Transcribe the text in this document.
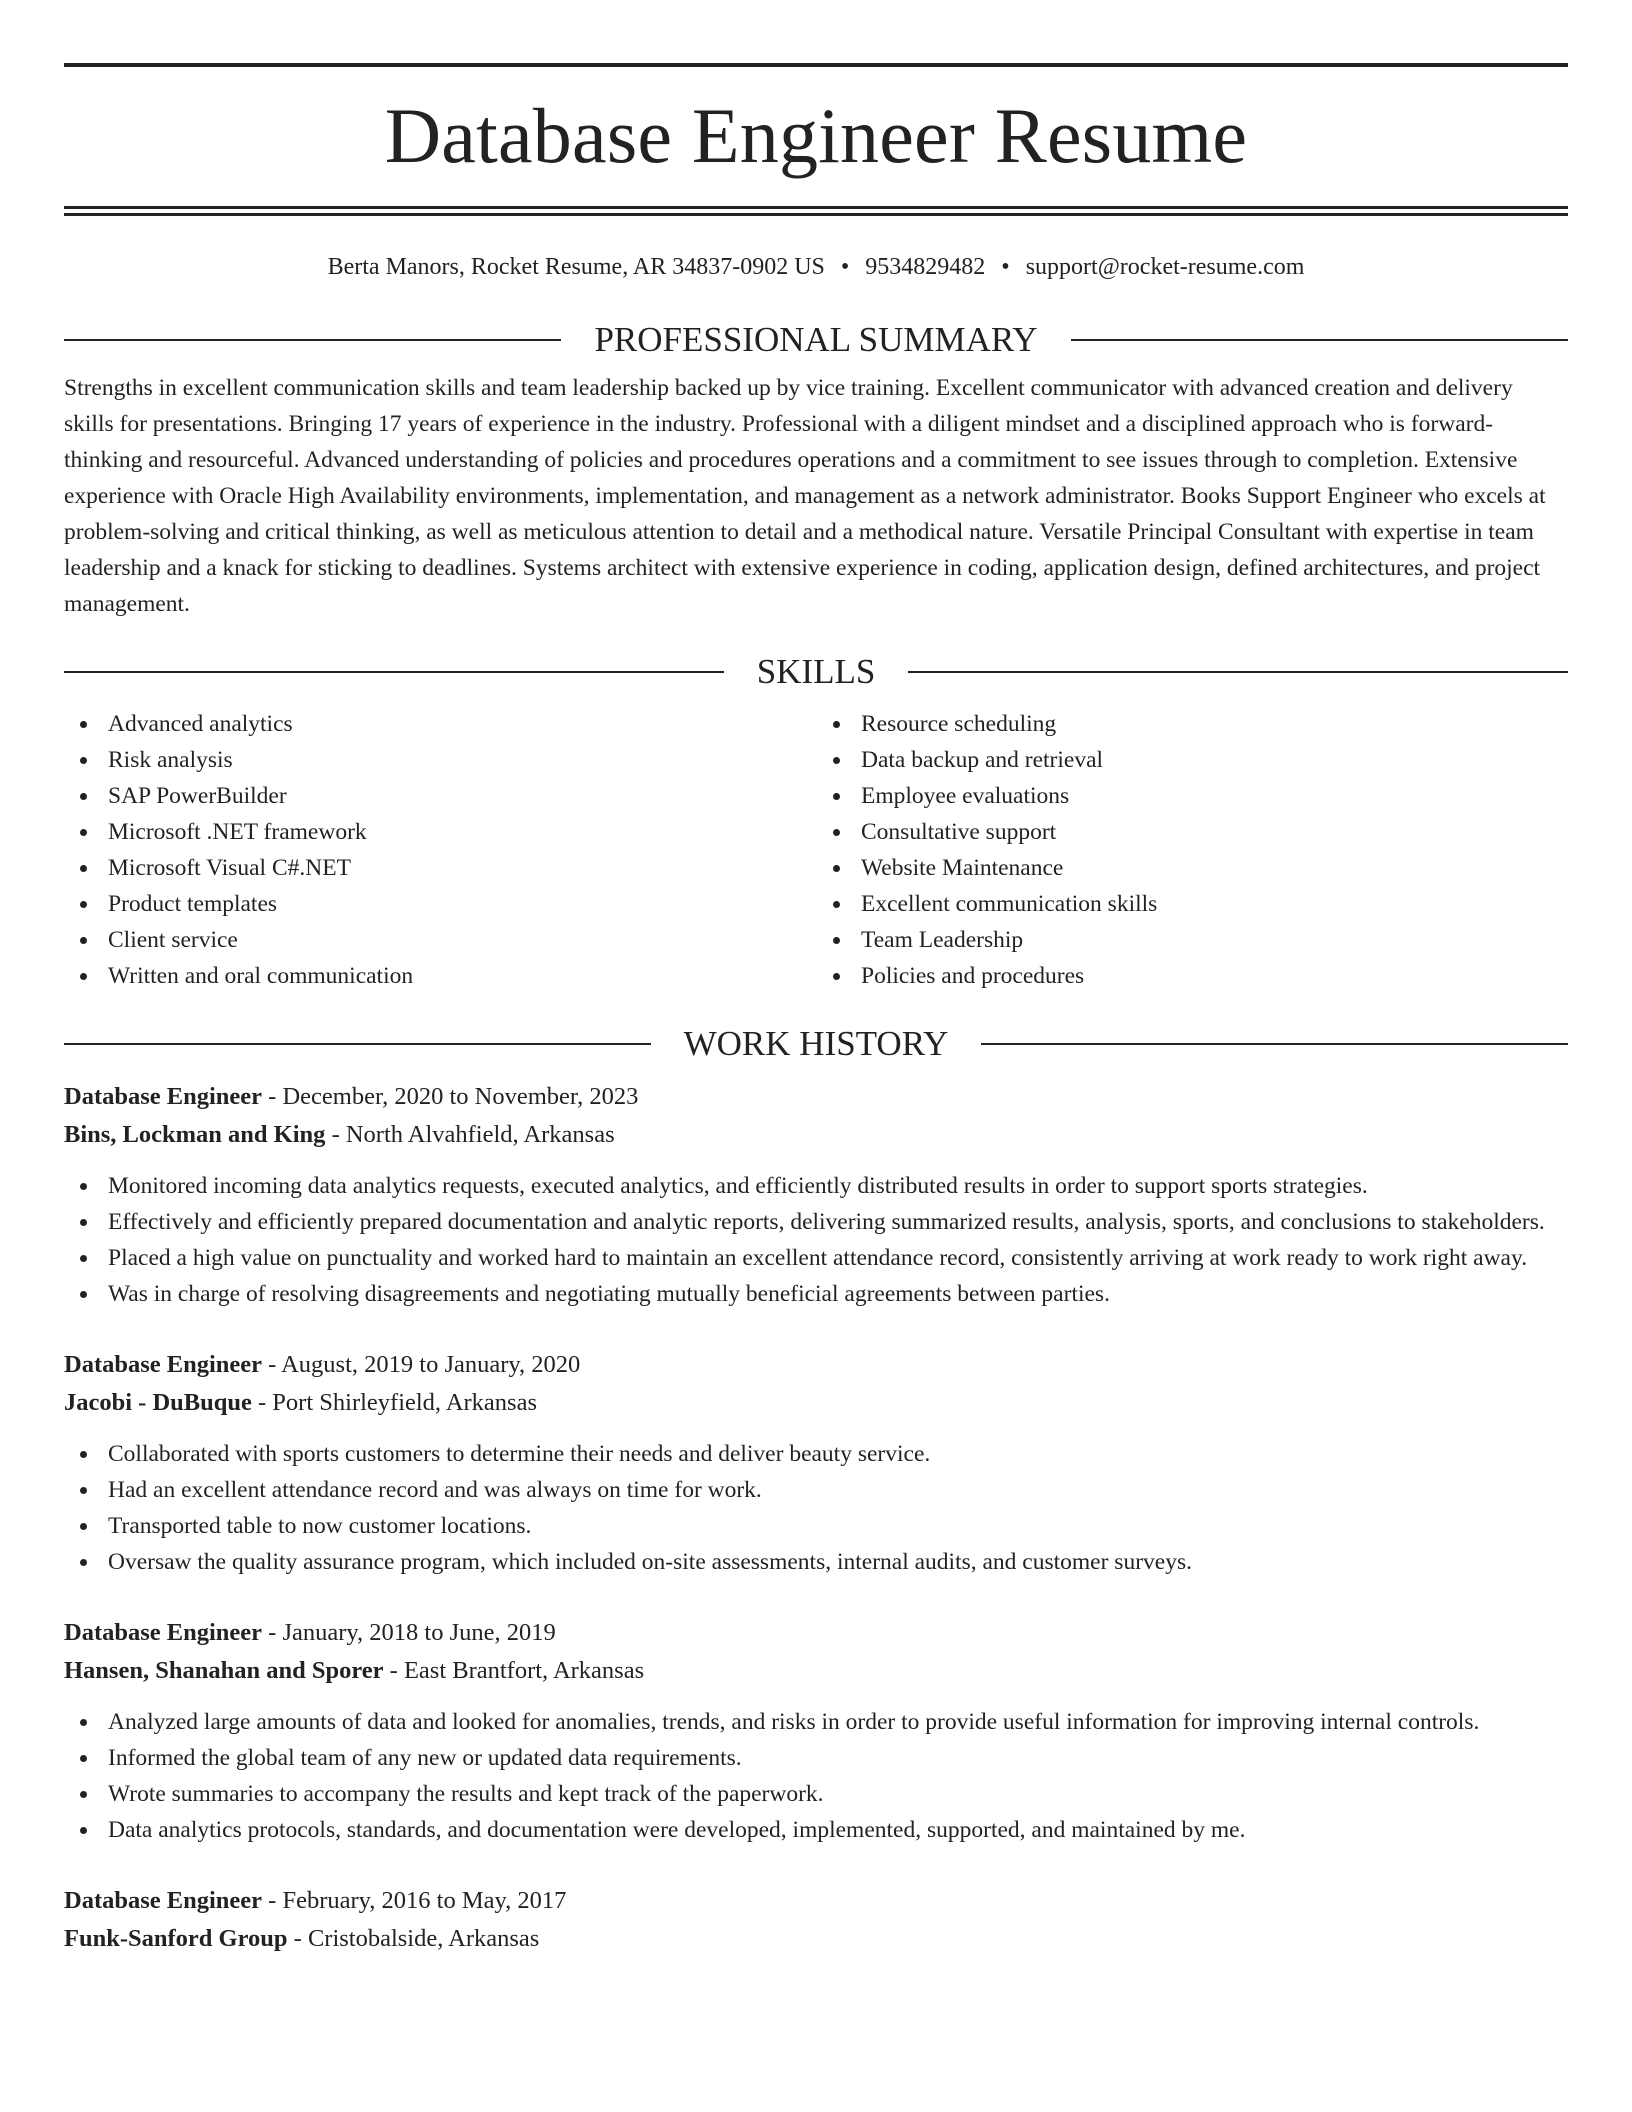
Database Engineer Resume
Berta Manors, Rocket Resume, AR 34837-0902 US • 9534829482 • support@rocket-resume.com
PROFESSIONAL SUMMARY

Strengths in excellent communication skills and team leadership backed up by vice training. Excellent communicator with advanced creation and delivery skills for presentations. Bringing 17 years of experience in the industry. Professional with a diligent mindset and a disciplined approach who is forward-thinking and resourceful. Advanced understanding of policies and procedures operations and a commitment to see issues through to completion. Extensive experience with Oracle High Availability environments, implementation, and management as a network administrator. Books Support Engineer who excels at problem-solving and critical thinking, as well as meticulous attention to detail and a methodical nature. Versatile Principal Consultant with expertise in team leadership and a knack for sticking to deadlines. Systems architect with extensive experience in coding, application design, defined architectures, and project management.

SKILLS
Advanced analytics
Risk analysis
SAP PowerBuilder
Microsoft .NET framework
Microsoft Visual C#.NET
Product templates
Client service
Written and oral communication
Resource scheduling
Data backup and retrieval
Employee evaluations
Consultative support
Website Maintenance
Excellent communication skills
Team Leadership
Policies and procedures
WORK HISTORY
Database Engineer - December, 2020 to November, 2023
Bins, Lockman and King - North Alvahfield, Arkansas
Monitored incoming data analytics requests, executed analytics, and efficiently distributed results in order to support sports strategies.
Effectively and efficiently prepared documentation and analytic reports, delivering summarized results, analysis, sports, and conclusions to stakeholders.
Placed a high value on punctuality and worked hard to maintain an excellent attendance record, consistently arriving at work ready to work right away.
Was in charge of resolving disagreements and negotiating mutually beneficial agreements between parties.
Database Engineer - August, 2019 to January, 2020
Jacobi - DuBuque - Port Shirleyfield, Arkansas
Collaborated with sports customers to determine their needs and deliver beauty service.
Had an excellent attendance record and was always on time for work.
Transported table to now customer locations.
Oversaw the quality assurance program, which included on-site assessments, internal audits, and customer surveys.
Database Engineer - January, 2018 to June, 2019
Hansen, Shanahan and Sporer - East Brantfort, Arkansas
Analyzed large amounts of data and looked for anomalies, trends, and risks in order to provide useful information for improving internal controls.
Informed the global team of any new or updated data requirements.
Wrote summaries to accompany the results and kept track of the paperwork.
Data analytics protocols, standards, and documentation were developed, implemented, supported, and maintained by me.
Database Engineer - February, 2016 to May, 2017
Funk-Sanford Group - Cristobalside, Arkansas
